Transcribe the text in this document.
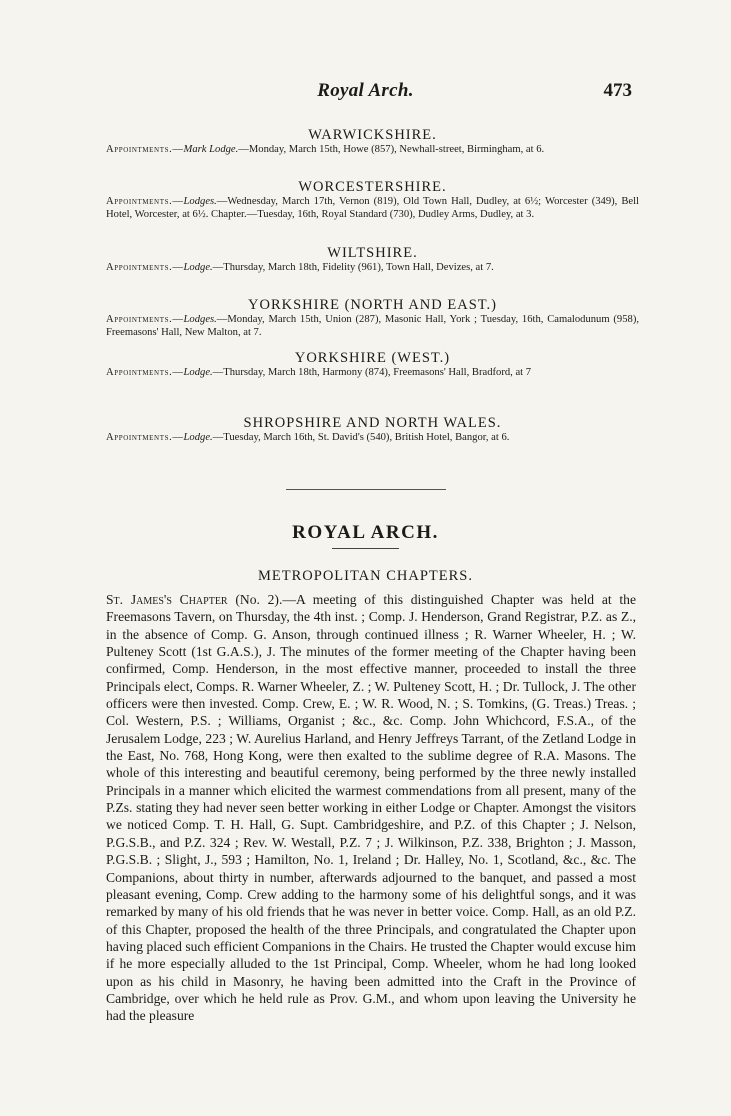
Royal Arch.	473

WARWICKSHIRE.

Appointments.—Mark Lodge.—Monday, March 15th, Howe (857), Newhall-street, Birmingham, at 6.

WORCESTERSHIRE.

Appointments.—Lodges.—Wednesday, March 17th, Vernon (819), Old Town Hall, Dudley, at 6½; Worcester (349), Bell Hotel, Worcester, at 6½. Chapter.—Tuesday, 16th, Royal Standard (730), Dudley Arms, Dudley, at 3.

WILTSHIRE.

Appointments.—Lodge.—Thursday, March 18th, Fidelity (961), Town Hall, Devizes, at 7.

YORKSHIRE (NORTH AND EAST.)

Appointments.—Lodges.—Monday, March 15th, Union (287), Masonic Hall, York ; Tuesday, 16th, Camalodunum (958), Freemasons' Hall, New Malton, at 7.

YORKSHIRE (WEST.)

Appointments.—Lodge.—Thursday, March 18th, Harmony (874), Freemasons' Hall, Bradford, at 7

SHROPSHIRE AND NORTH WALES.

Appointments.—Lodge.—Tuesday, March 16th, St. David's (540), British Hotel, Bangor, at 6.

ROYAL ARCH.
METROPOLITAN CHAPTERS.

St. James's Chapter (No. 2).—A meeting of this distinguished Chapter was held at the Freemasons Tavern, on Thursday, the 4th inst. ; Comp. J. Henderson, Grand Registrar, P.Z. as Z., in the absence of Comp. G. Anson, through continued illness ; R. Warner Wheeler, H. ; W. Pulteney Scott (1st G.A.S.), J. The minutes of the former meeting of the Chapter having been confirmed, Comp. Henderson, in the most effective manner, proceeded to install the three Principals elect, Comps. R. Warner Wheeler, Z. ; W. Pulteney Scott, H. ; Dr. Tullock, J. The other officers were then invested. Comp. Crew, E. ; W. R. Wood, N. ; S. Tomkins, (G. Treas.) Treas. ; Col. Western, P.S. ; Williams, Organist ; &c., &c. Comp. John Whichcord, F.S.A., of the Jerusalem Lodge, 223 ; W. Aurelius Harland, and Henry Jeffreys Tarrant, of the Zetland Lodge in the East, No. 768, Hong Kong, were then exalted to the sublime degree of R.A. Masons. The whole of this interesting and beautiful ceremony, being performed by the three newly installed Principals in a manner which elicited the warmest commendations from all present, many of the P.Zs. stating they had never seen better working in either Lodge or Chapter. Amongst the visitors we noticed Comp. T. H. Hall, G. Supt. Cambridgeshire, and P.Z. of this Chapter ; J. Nelson, P.G.S.B., and P.Z. 324 ; Rev. W. Westall, P.Z. 7 ; J. Wilkinson, P.Z. 338, Brighton ; J. Masson, P.G.S.B. ; Slight, J., 593 ; Hamilton, No. 1, Ireland ; Dr. Halley, No. 1, Scotland, &c., &c. The Companions, about thirty in number, afterwards adjourned to the banquet, and passed a most pleasant evening, Comp. Crew adding to the harmony some of his delightful songs, and it was remarked by many of his old friends that he was never in better voice. Comp. Hall, as an old P.Z. of this Chapter, proposed the health of the three Principals, and congratulated the Chapter upon having placed such efficient Companions in the Chairs. He trusted the Chapter would excuse him if he more especially alluded to the 1st Principal, Comp. Wheeler, whom he had long looked upon as his child in Masonry, he having been admitted into the Craft in the Province of Cambridge, over which he held rule as Prov. G.M., and whom upon leaving the University he had the pleasure
